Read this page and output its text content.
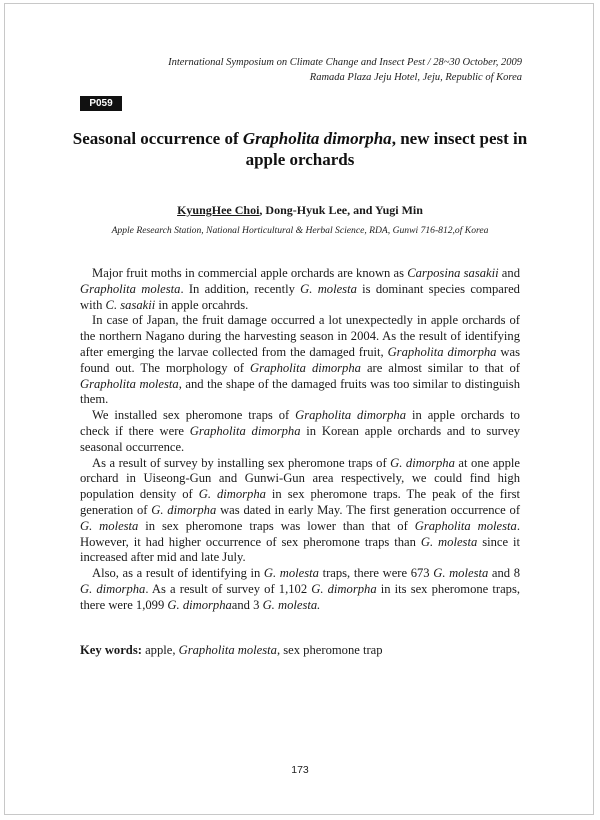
International Symposium on Climate Change and Insect Pest / 28~30 October, 2009
Ramada Plaza Jeju Hotel, Jeju, Republic of Korea
P059
Seasonal occurrence of Grapholita dimorpha, new insect pest in apple orchards
KyungHee Choi, Dong-Hyuk Lee, and Yugi Min
Apple Research Station, National Horticultural & Herbal Science, RDA, Gunwi 716-812,of Korea

Major fruit moths in commercial apple orchards are known as Carposina sasakii and Grapholita molesta. In addition, recently G. molesta is dominant species compared with C. sasakii in apple orcahrds.

In case of Japan, the fruit damage occurred a lot unexpectedly in apple orchards of the northern Nagano during the harvesting season in 2004. As the result of identifying after emerging the larvae collected from the damaged fruit, Grapholita dimorpha was found out. The morphology of Grapholita dimorpha are almost similar to that of Grapholita molesta, and the shape of the damaged fruits was too similar to distinguish them.

We installed sex pheromone traps of Grapholita dimorpha in apple orchards to check if there were Grapholita dimorpha in Korean apple orchards and to survey seasonal occurrence.

As a result of survey by installing sex pheromone traps of G. dimorpha at one apple orchard in Uiseong-Gun and Gunwi-Gun area respectively, we could find high population density of G. dimorpha in sex pheromone traps. The peak of the first generation of G. dimorpha was dated in early May. The first generation occurrence of G. molesta in sex pheromone traps was lower than that of Grapholita molesta. However, it had higher occurrence of sex pheromone traps than G. molesta since it increased after mid and late July.

Also, as a result of identifying in G. molesta traps, there were 673 G. molesta and 8 G. dimorpha. As a result of survey of 1,102 G. dimorpha in its sex pheromone traps, there were 1,099 G. dimorphaand 3 G. molesta.

Key words: apple, Grapholita molesta, sex pheromone trap
173
